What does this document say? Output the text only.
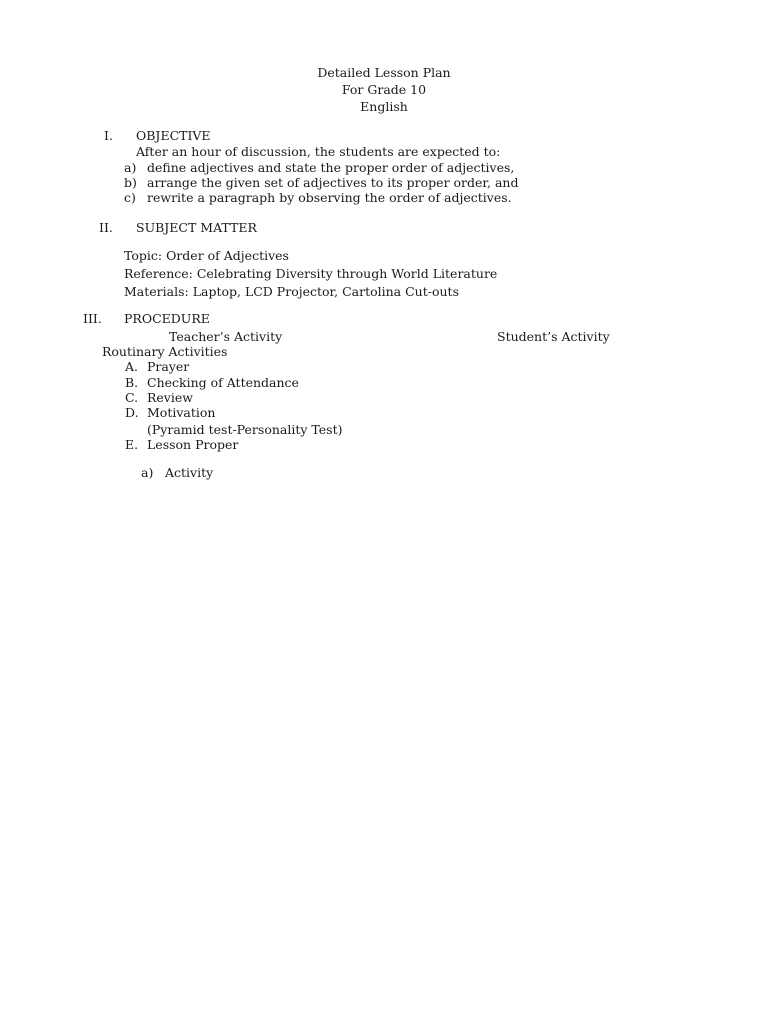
Detailed Lesson Plan
For Grade 10
English
I. OBJECTIVE
After an hour of discussion, the students are expected to:
a) define adjectives and state the proper order of adjectives,
b) arrange the given set of adjectives to its proper order, and
c) rewrite a paragraph by observing the order of adjectives.
II. SUBJECT MATTER
Topic: Order of Adjectives
Reference: Celebrating Diversity through World Literature
Materials: Laptop, LCD Projector, Cartolina Cut-outs
III. PROCEDURE
Teacher’s Activity	Student’s Activity
Routinary Activities
A. Prayer
B. Checking of Attendance
C. Review
D. Motivation
(Pyramid test-Personality Test)
E. Lesson Proper
a) Activity
